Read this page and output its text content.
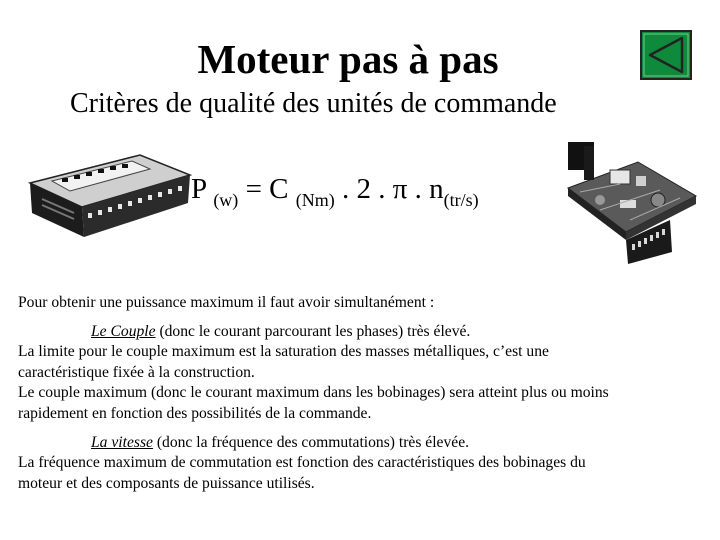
Moteur pas à pas
Critères de qualité des unités de commande
P $_{(w)}$ = C $_{(Nm)}$ . 2 . π . $n_{(tr/s)}$

Pour obtenir une puissance maximum il faut avoir simultanément :

Le Couple (donc le courant parcourant les phases) très élevé.

La limite pour le couple maximum est la saturation des masses métalliques, c’est une

caractéristique fixée à la construction.

Le couple maximum (donc le courant maximum dans les bobinages) sera atteint plus ou moins

rapidement en fonction des possibilités de la commande.

La vitesse (donc la fréquence des commutations) très élevée.

La fréquence maximum de commutation est fonction des caractéristiques des bobinages du

moteur et des composants de puissance utilisés.
